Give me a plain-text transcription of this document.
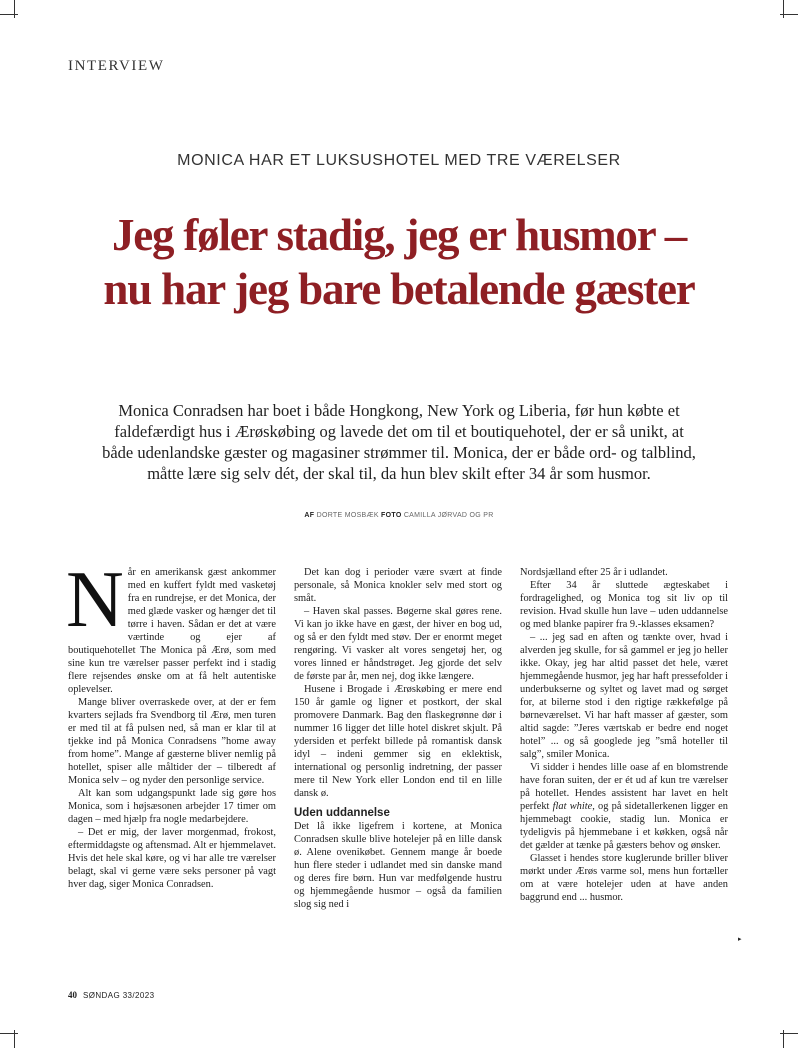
INTERVIEW
MONICA HAR ET LUKSUSHOTEL MED TRE VÆRELSER
Jeg føler stadig, jeg er husmor – nu har jeg bare betalende gæster

Monica Conradsen har boet i både Hongkong, New York og Liberia, før hun købte et faldefærdigt hus i Ærøskøbing og lavede det om til et boutiquehotel, der er så unikt, at både udenlandske gæster og magasiner strømmer til. Monica, der er både ord- og talblind, måtte lære sig selv dét, der skal til, da hun blev skilt efter 34 år som husmor.

AF DORTE MOSBÆK FOTO CAMILLA JØRVAD OG PR
N år en amerikansk gæst ankommer med en kuffert fyldt med vasketøj fra en rundrejse, er det Monica, der med glæde vasker og hænger det til tørre i haven. Sådan er det at være værtinde og ejer af boutiquehotellet The Monica på Ærø, som med sine kun tre værelser passer perfekt ind i stadig flere rejsendes ønske om at få helt autentiske oplevelser.

Mange bliver overraskede over, at der er fem kvarters sejlads fra Svendborg til Ærø, men turen er med til at få pulsen ned, så man er klar til at tjekke ind på Monica Conradsens ”home away from home”. Mange af gæsterne bliver nemlig på hotellet, spiser alle måltider der – tilberedt af Monica selv – og nyder den personlige service.

Alt kan som udgangspunkt lade sig gøre hos Monica, som i højsæsonen arbejder 17 timer om dagen – med hjælp fra nogle medarbejdere.

– Det er mig, der laver morgenmad, frokost, eftermiddagste og aftensmad. Alt er hjemmelavet. Hvis det hele skal køre, og vi har alle tre værelser belagt, skal vi gerne være seks personer på vagt hver dag, siger Monica Conradsen.

Det kan dog i perioder være svært at finde personale, så Monica knokler selv med stort og småt.

– Haven skal passes. Bøgerne skal gøres rene. Vi kan jo ikke have en gæst, der hiver en bog ud, og så er den fyldt med støv. Der er enormt meget rengøring. Vi vasker alt vores sengetøj her, og vores linned er håndstrøget. Jeg gjorde det selv de første par år, men nej, dog ikke længere.

Husene i Brogade i Ærøskøbing er mere end 150 år gamle og ligner et postkort, der skal promovere Danmark. Bag den flaskegrønne dør i nummer 16 ligger det lille hotel diskret skjult. På ydersiden et perfekt billede på romantisk dansk idyl – indeni gemmer sig en eklektisk, international og personlig indretning, der passer mere til New York eller London end til en lille dansk ø.

Uden uddannelse

Det lå ikke ligefrem i kortene, at Monica Conradsen skulle blive hotelejer på en lille dansk ø. Alene ovenikøbet. Gennem mange år boede hun flere steder i udlandet med sin danske mand og deres fire børn. Hun var medfølgende hustru og hjemmegående husmor – også da familien slog sig ned i

Nordsjælland efter 25 år i udlandet.

Efter 34 år sluttede ægteskabet i fordragelighed, og Monica tog sit liv op til revision. Hvad skulle hun lave – uden uddannelse og med blanke papirer fra 9.-klasses eksamen?

– ... jeg sad en aften og tænkte over, hvad i alverden jeg skulle, for så gammel er jeg jo heller ikke. Okay, jeg har altid passet det hele, været hjemmegående husmor, jeg har haft pressefolder i underbukserne og syltet og lavet mad og sørget for, at bilerne stod i den rigtige rækkefølge på børneværelset. Vi har haft masser af gæster, som altid sagde: ”Jeres værtskab er bedre end noget hotel” ... og så googlede jeg ”små hoteller til salg”, smiler Monica.

Vi sidder i hendes lille oase af en blomstrende have foran suiten, der er ét ud af kun tre værelser på hotellet. Hendes assistent har lavet en helt perfekt flat white, og på sidetallerkenen ligger en hjemmebagt cookie, stadig lun. Monica er tydeligvis på hjemmebane i et køkken, også når det gælder at tænke på gæsters behov og ønsker.

Glasset i hendes store kuglerunde briller bliver mørkt under Ærøs varme sol, mens hun fortæller om at være hotelejer uden at have anden baggrund end ... husmor.

▸
40 SØNDAG 33/2023
